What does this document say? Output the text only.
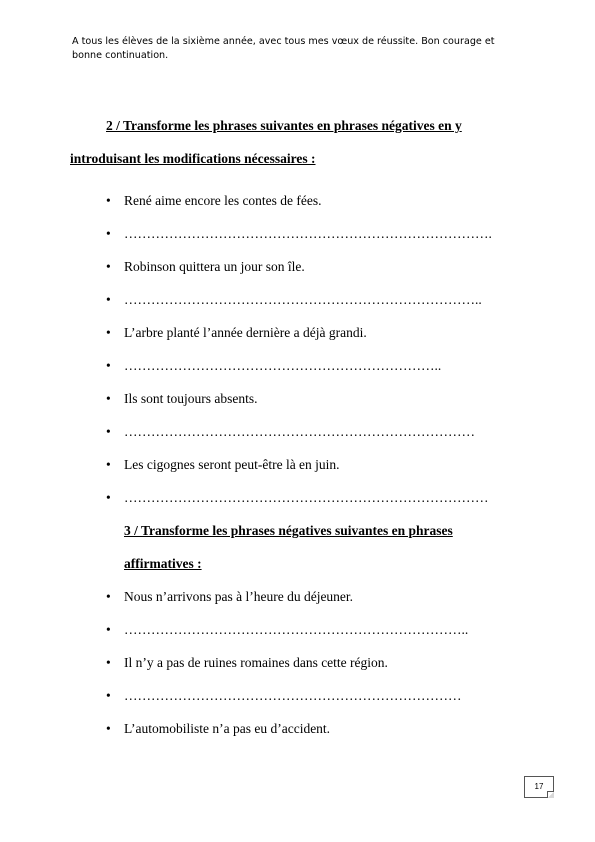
A tous les élèves de la sixième année, avec tous mes vœux de réussite. Bon courage et bonne continuation.
2 / Transforme les phrases suivantes en phrases négatives en y
introduisant les modifications nécessaires :
• René aime encore les contes de fées.
• ……………………………………………………………………….
• Robinson quittera un jour son île.
• ……………………………………………………………………..
• L’arbre planté l’année dernière a déjà grandi.
• ……………………………………………………………..
• Ils sont toujours absents.
• ……………………………………………………………………
• Les cigognes seront peut-être là en juin.
• ………………………………………………………………………
3 / Transforme les phrases négatives suivantes en phrases
affirmatives :
• Nous n’arrivons pas à l’heure du déjeuner.
• …………………………………………………………………..
• Il n’y a pas de ruines romaines dans cette région.
• …………………………………………………………………
• L’automobiliste n’a pas eu d’accident.
17
